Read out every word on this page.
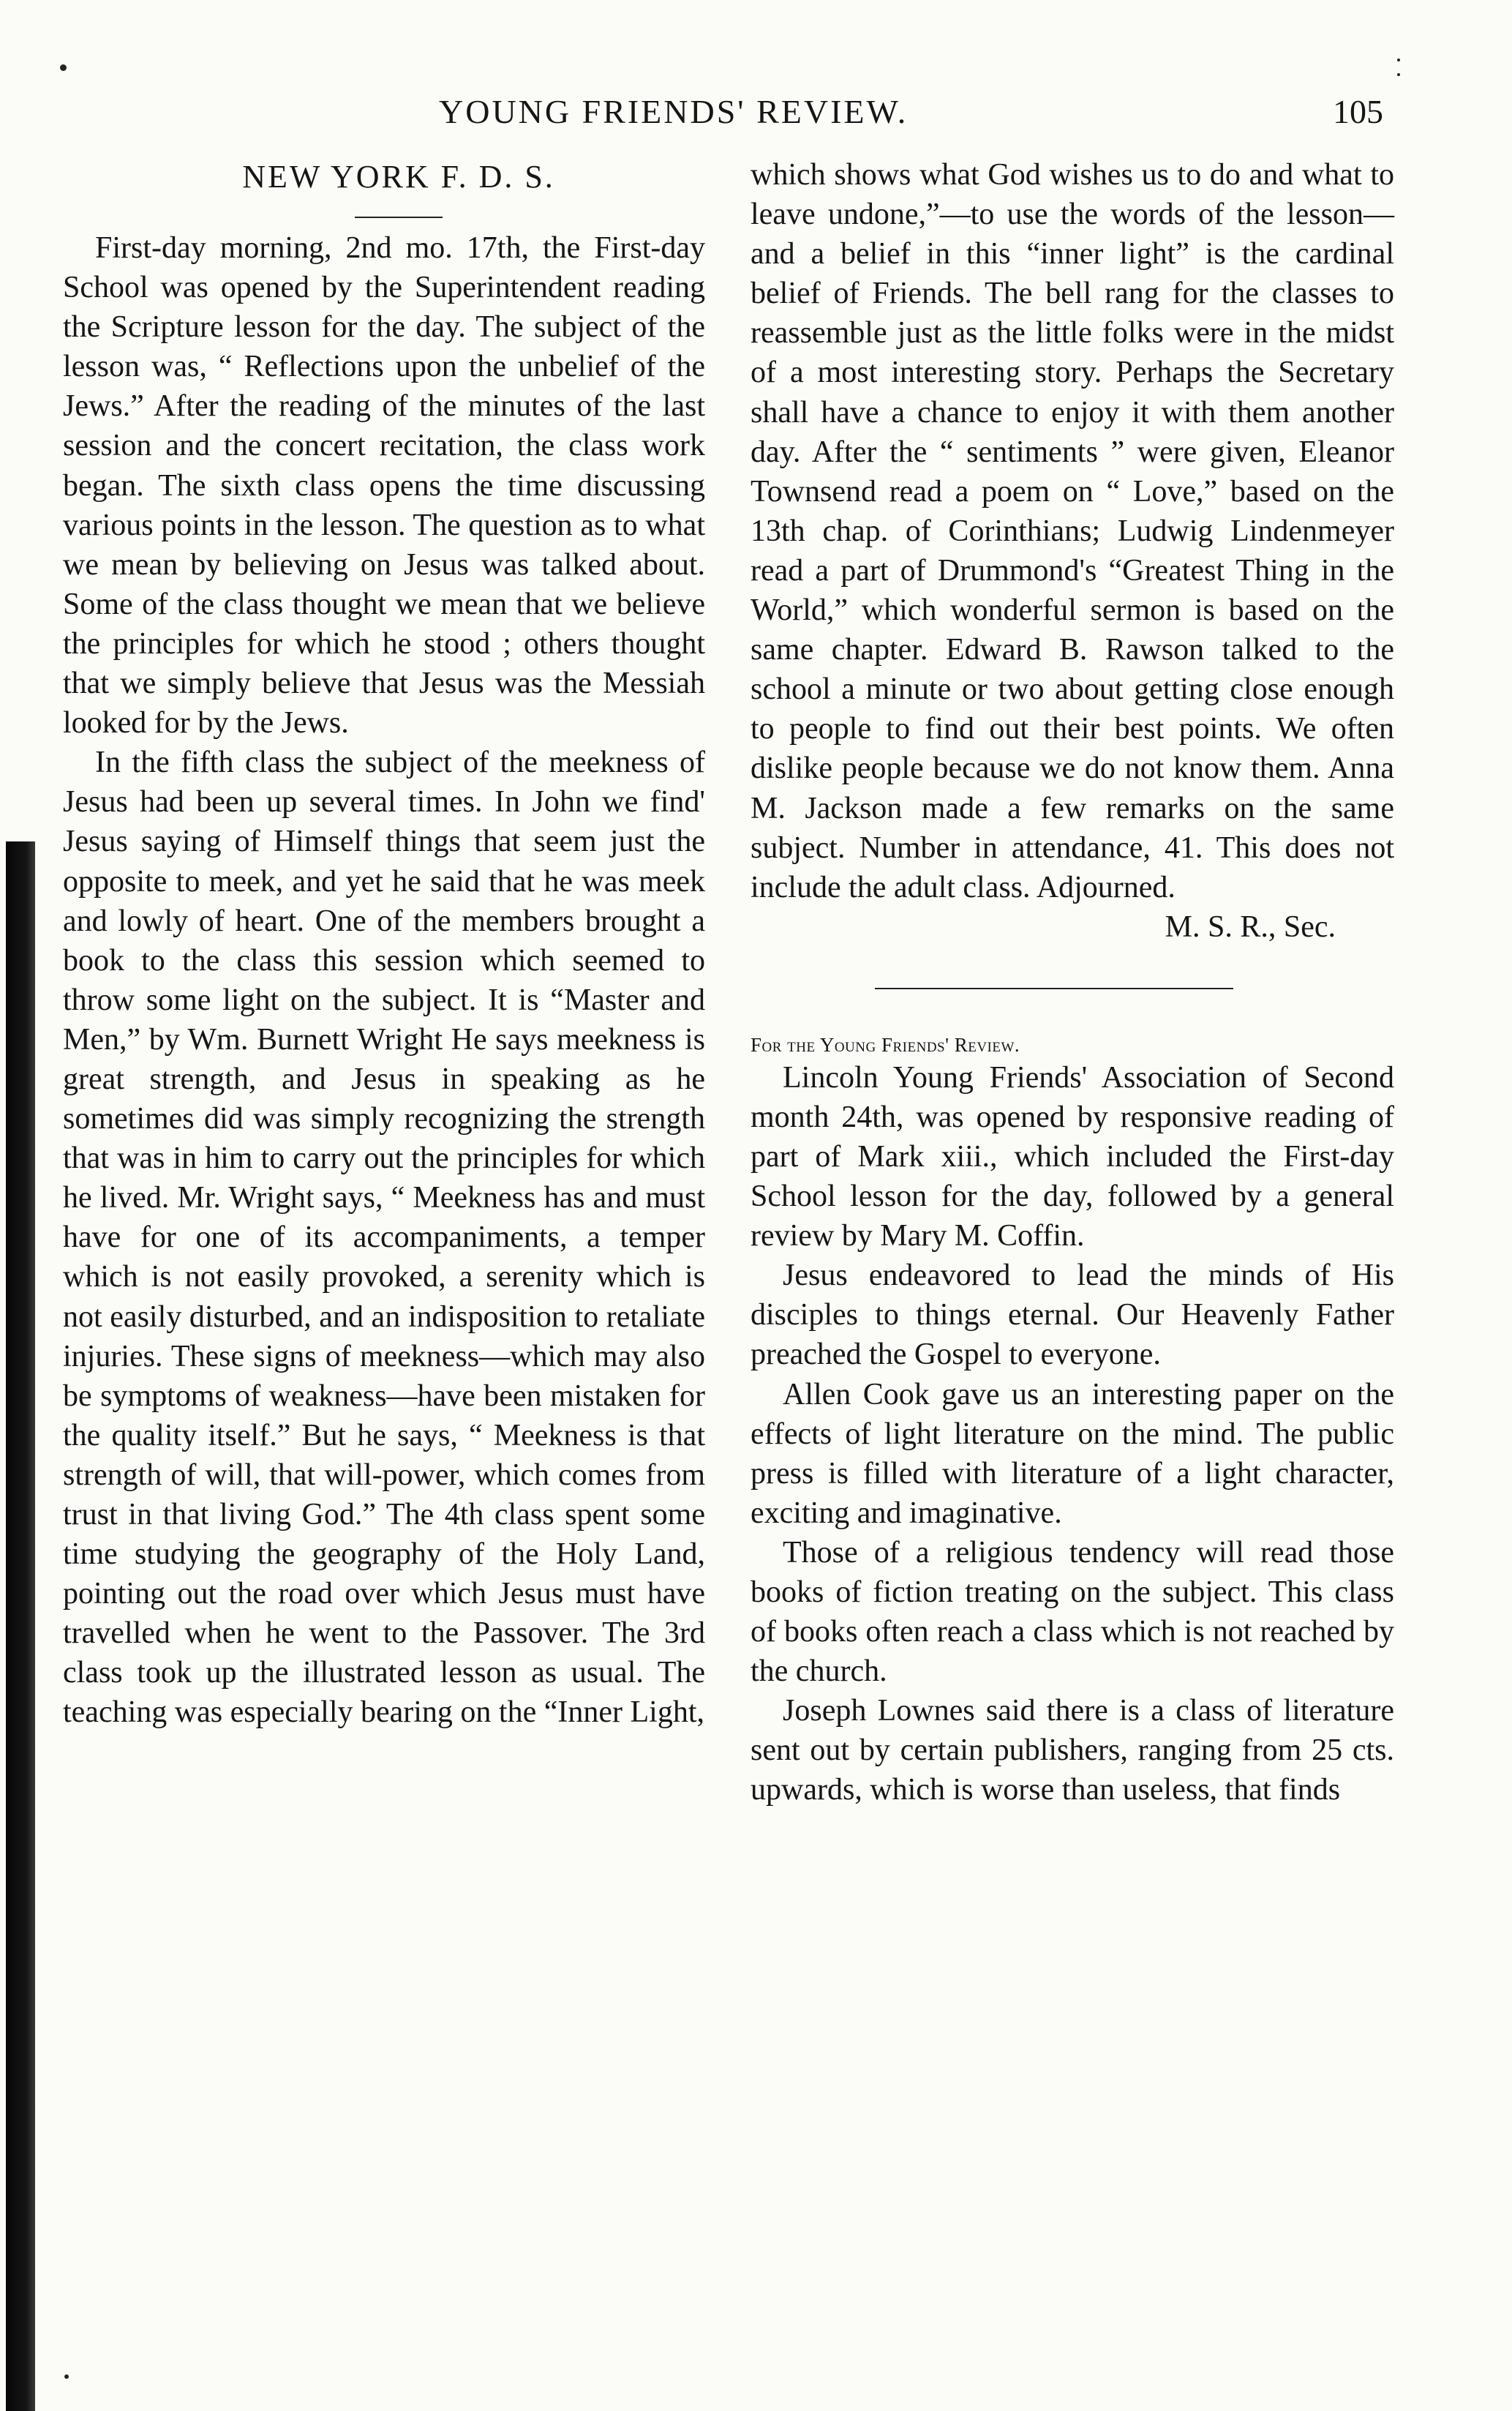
YOUNG FRIENDS' REVIEW.	105
NEW YORK F. D. S.

First-day morning, 2nd mo. 17th, the First-day School was opened by the Superintendent reading the Scripture lesson for the day. The subject of the lesson was, “ Reflections upon the unbelief of the Jews.” After the reading of the minutes of the last session and the concert recitation, the class work began. The sixth class opens the time discussing various points in the lesson. The question as to what we mean by believing on Jesus was talked about. Some of the class thought we mean that we believe the principles for which he stood ; others thought that we simply believe that Jesus was the Messiah looked for by the Jews.

In the fifth class the subject of the meekness of Jesus had been up several times. In John we find' Jesus saying of Himself things that seem just the opposite to meek, and yet he said that he was meek and lowly of heart. One of the members brought a book to the class this session which seemed to throw some light on the subject. It is “Master and Men,” by Wm. Burnett Wright He says meekness is great strength, and Jesus in speaking as he sometimes did was simply recognizing the strength that was in him to carry out the principles for which he lived. Mr. Wright says, “ Meekness has and must have for one of its accompaniments, a temper which is not easily provoked, a serenity which is not easily disturbed, and an indisposition to retaliate injuries. These signs of meekness—which may also be symptoms of weakness—have been mistaken for the quality itself.” But he says, “ Meekness is that strength of will, that will-power, which comes from trust in that living God.” The 4th class spent some time studying the geography of the Holy Land, pointing out the road over which Jesus must have travelled when he went to the Passover. The 3rd class took up the illustrated lesson as usual. The teaching was especially bearing on the “Inner Light,

which shows what God wishes us to do and what to leave undone,”—to use the words of the lesson—and a belief in this “inner light” is the cardinal belief of Friends. The bell rang for the classes to reassemble just as the little folks were in the midst of a most interesting story. Perhaps the Secretary shall have a chance to enjoy it with them another day. After the “ sentiments ” were given, Eleanor Townsend read a poem on “ Love,” based on the 13th chap. of Corinthians; Ludwig Lindenmeyer read a part of Drummond's “Greatest Thing in the World,” which wonderful sermon is based on the same chapter. Edward B. Rawson talked to the school a minute or two about getting close enough to people to find out their best points. We often dislike people because we do not know them. Anna M. Jackson made a few remarks on the same subject. Number in attendance, 41. This does not include the adult class. Adjourned.

M. S. R., Sec.
For the Young Friends' Review.

Lincoln Young Friends' Association of Second month 24th, was opened by responsive reading of part of Mark xiii., which included the First-day School lesson for the day, followed by a general review by Mary M. Coffin.

Jesus endeavored to lead the minds of His disciples to things eternal. Our Heavenly Father preached the Gospel to everyone.

Allen Cook gave us an interesting paper on the effects of light literature on the mind. The public press is filled with literature of a light character, exciting and imaginative.

Those of a religious tendency will read those books of fiction treating on the subject. This class of books often reach a class which is not reached by the church.

Joseph Lownes said there is a class of literature sent out by certain publishers, ranging from 25 cts. upwards, which is worse than useless, that finds
